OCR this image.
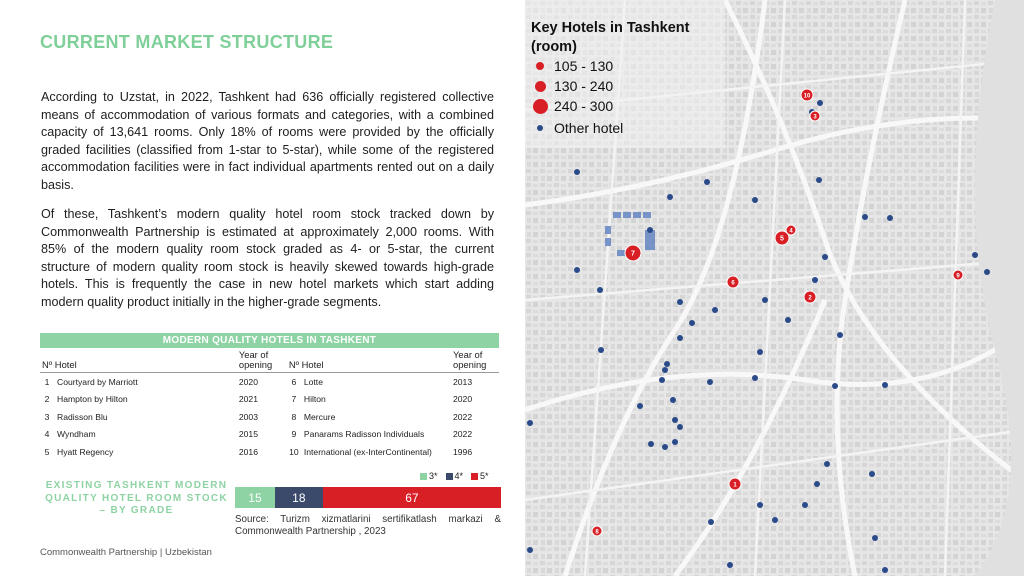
CURRENT MARKET STRUCTURE
According to Uzstat, in 2022, Tashkent had 636 officially registered collective means of accommodation of various formats and categories, with a combined capacity of 13,641 rooms. Only 18% of rooms were provided by the officially graded facilities (classified from 1-star to 5-star), while some of the registered accommodation facilities were in fact individual apartments rented out on a daily basis.
Of these, Tashkent’s modern quality hotel room stock tracked down by Commonwealth Partnership is estimated at approximately 2,000 rooms. With 85% of the modern quality room stock graded as 4- or 5-star, the current structure of modern quality room stock is heavily skewed towards high-grade hotels. This is frequently the case in new hotel markets which start adding modern quality product initially in the higher-grade segments.
MODERN QUALITY HOTELS IN TASHKENT
Nº Hotel		Year of opening	Nº Hotel		Year of opening
1	Courtyard by Marriott	2020	6	Lotte	2013
2	Hampton by Hilton	2021	7	Hilton	2020
3	Radisson Blu	2003	8	Mercure	2022
4	Wyndham	2015	9	Panarams Radisson Individuals	2022
5	Hyatt Regency	2016	10	International (ex-InterContinental)	1996
EXISTING TASHKENT MODERN QUALITY HOTEL ROOM STOCK – BY GRADE
3* 4* 5*
15	18	67
Source: Turizm xizmatlarini sertifikatlash markazi & Commonwealth Partnership , 2023
Commonwealth Partnership | Uzbekistan
1
2
3
4
5
6
7
8
9
10
Key Hotels in Tashkent (room)
105 - 130
130 - 240
240 - 300
Other hotel
